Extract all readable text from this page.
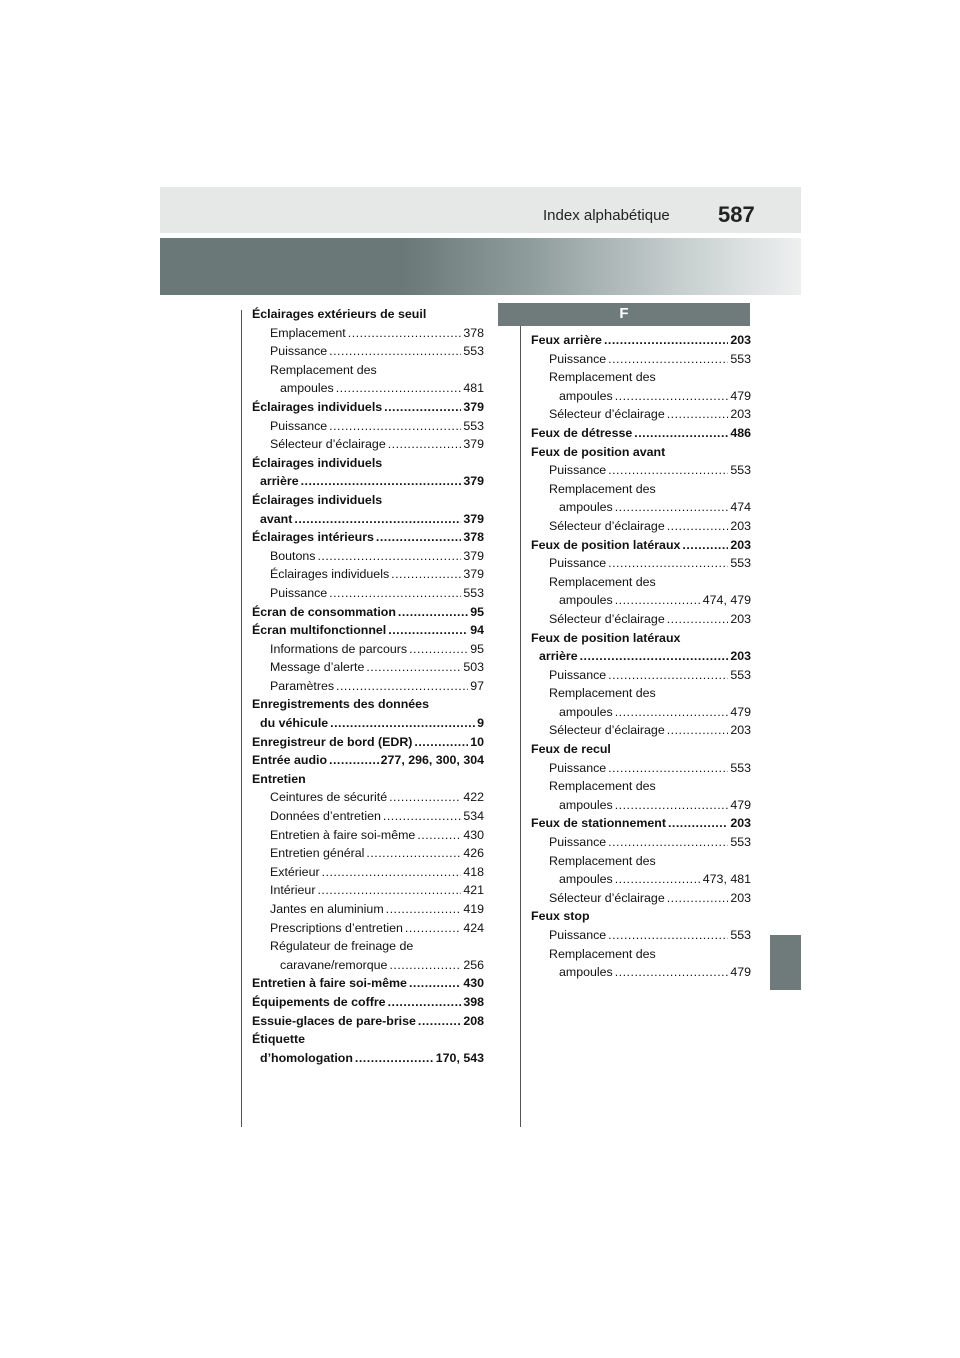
Index alphabétique 587
Éclairages extérieurs de seuil
Emplacement .....	378
Puissance .....	553
Remplacement des
ampoules .....	481
Éclairages individuels .....	379
Puissance .....	553
Sélecteur d’éclairage .....	379
Éclairages individuels
arrière .....	379
Éclairages individuels
avant .....	379
Éclairages intérieurs .....	378
Boutons .....	379
Éclairages individuels .....	379
Puissance .....	553
Écran de consommation .....	95
Écran multifonctionnel .....	94
Informations de parcours .....	95
Message d’alerte .....	503
Paramètres .....	97
Enregistrements des données
du véhicule .....	9
Enregistreur de bord (EDR) .....	10
Entrée audio .....	277, 296, 300, 304
Entretien
Ceintures de sécurité .....	422
Données d’entretien .....	534
Entretien à faire soi-même .....	430
Entretien général .....	426
Extérieur .....	418
Intérieur .....	421
Jantes en aluminium .....	419
Prescriptions d’entretien .....	424
Régulateur de freinage de
caravane/remorque .....	256
Entretien à faire soi-même .....	430
Équipements de coffre .....	398
Essuie-glaces de pare-brise .....	208
Étiquette
d’homologation .....	170, 543
F
Feux arrière .....	203
Puissance .....	553
Remplacement des
ampoules .....	479
Sélecteur d’éclairage .....	203
Feux de détresse .....	486
Feux de position avant
Puissance .....	553
Remplacement des
ampoules .....	474
Sélecteur d’éclairage .....	203
Feux de position latéraux .....	203
Puissance .....	553
Remplacement des
ampoules .....	474, 479
Sélecteur d’éclairage .....	203
Feux de position latéraux
arrière .....	203
Puissance .....	553
Remplacement des
ampoules .....	479
Sélecteur d’éclairage .....	203
Feux de recul
Puissance .....	553
Remplacement des
ampoules .....	479
Feux de stationnement .....	203
Puissance .....	553
Remplacement des
ampoules .....	473, 481
Sélecteur d’éclairage .....	203
Feux stop
Puissance .....	553
Remplacement des
ampoules .....	479
